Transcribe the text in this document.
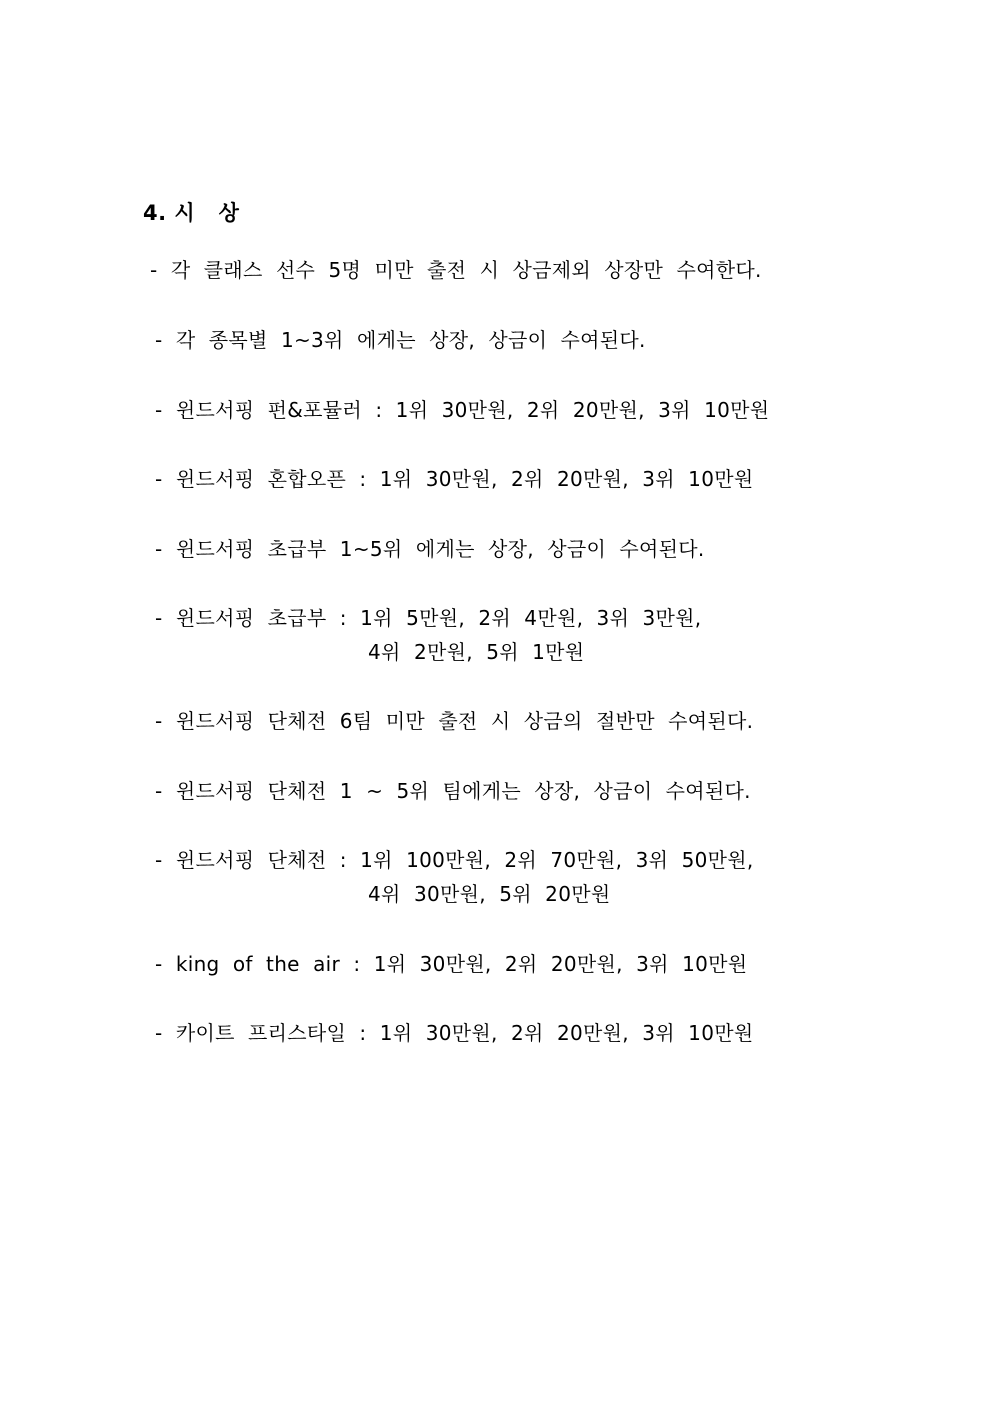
4. 시   상
-  각  클래스  선수  5명  미만  출전  시  상금제외  상장만  수여한다.
-  각  종목별  1~3위  에게는  상장,  상금이  수여된다.
-  윈드서핑  펀&포뮬러  :  1위  30만원,  2위  20만원,  3위  10만원
-  윈드서핑  혼합오픈  :  1위  30만원,  2위  20만원,  3위  10만원
-  윈드서핑  초급부  1~5위  에게는  상장,  상금이  수여된다.
-  윈드서핑  초급부  :  1위  5만원,  2위  4만원,  3위  3만원,
4위  2만원,  5위  1만원
-  윈드서핑  단체전  6팀  미만  출전  시  상금의  절반만  수여된다.
-  윈드서핑  단체전  1  ~  5위  팀에게는  상장,  상금이  수여된다.
-  윈드서핑  단체전  :  1위  100만원,  2위  70만원,  3위  50만원,
4위  30만원,  5위  20만원
-  king  of  the  air  :  1위  30만원,  2위  20만원,  3위  10만원
-  카이트  프리스타일  :  1위  30만원,  2위  20만원,  3위  10만원
